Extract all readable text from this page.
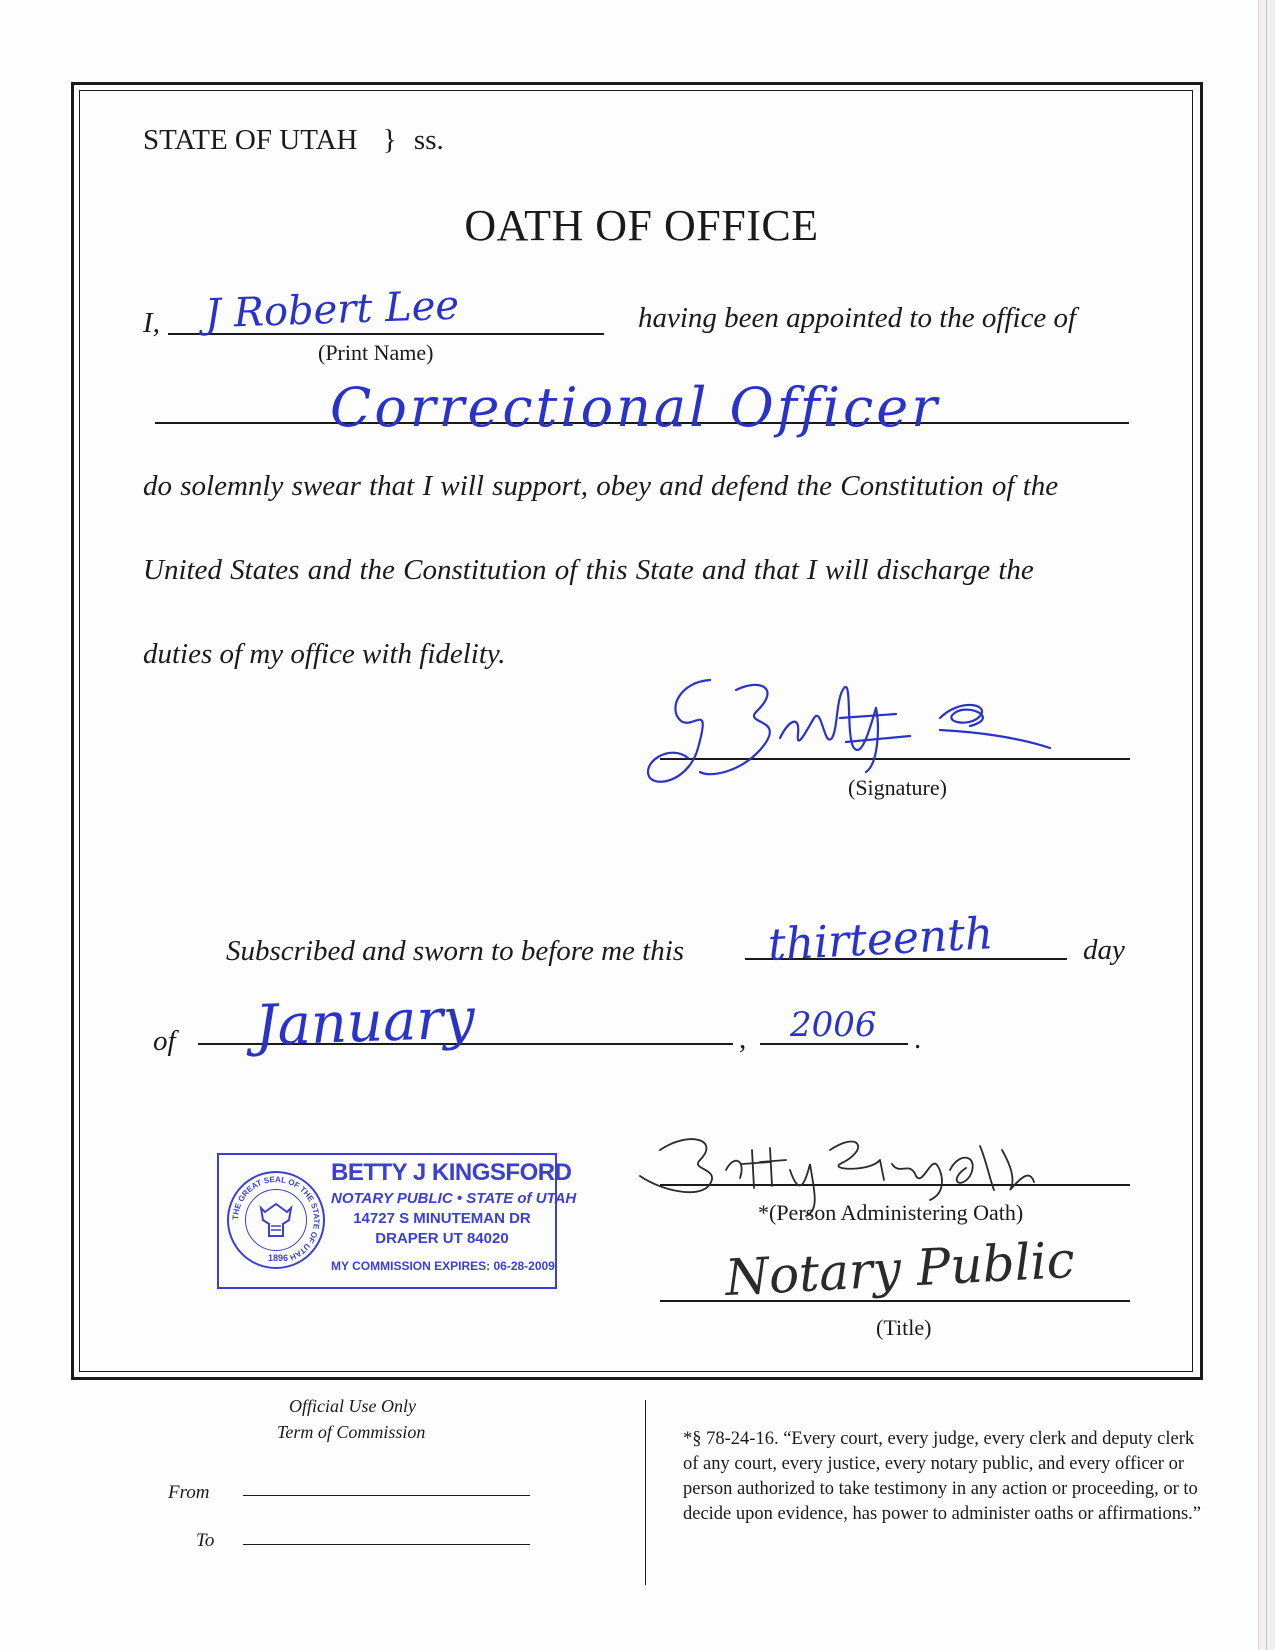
STATE OF UTAH } ss.
OATH OF OFFICE
I, J Robert Lee
(Print Name)
having been appointed to the office of
Correctional Officer
do solemnly swear that I will support, obey and defend the Constitution of the
United States and the Constitution of this State and that I will discharge the
duties of my office with fidelity.
(Signature)
Subscribed and sworn to before me this thirteenth	day
of January	, 2006 .
THE GREAT SEAL OF THE STATE OF UTAH
1896
BETTY J KINGSFORD
NOTARY PUBLIC • STATE of UTAH
14727 S MINUTEMAN DR
DRAPER UT 84020
MY COMMISSION EXPIRES: 06-28-2009
*(Person Administering Oath)
Notary Public
(Title)
Official Use Only
Term of Commission
From
To
*§ 78-24-16. “Every court, every judge, every clerk and deputy clerk of any court, every justice, every notary public, and every officer or person authorized to take testimony in any action or proceeding, or to decide upon evidence, has power to administer oaths or affirmations.”
